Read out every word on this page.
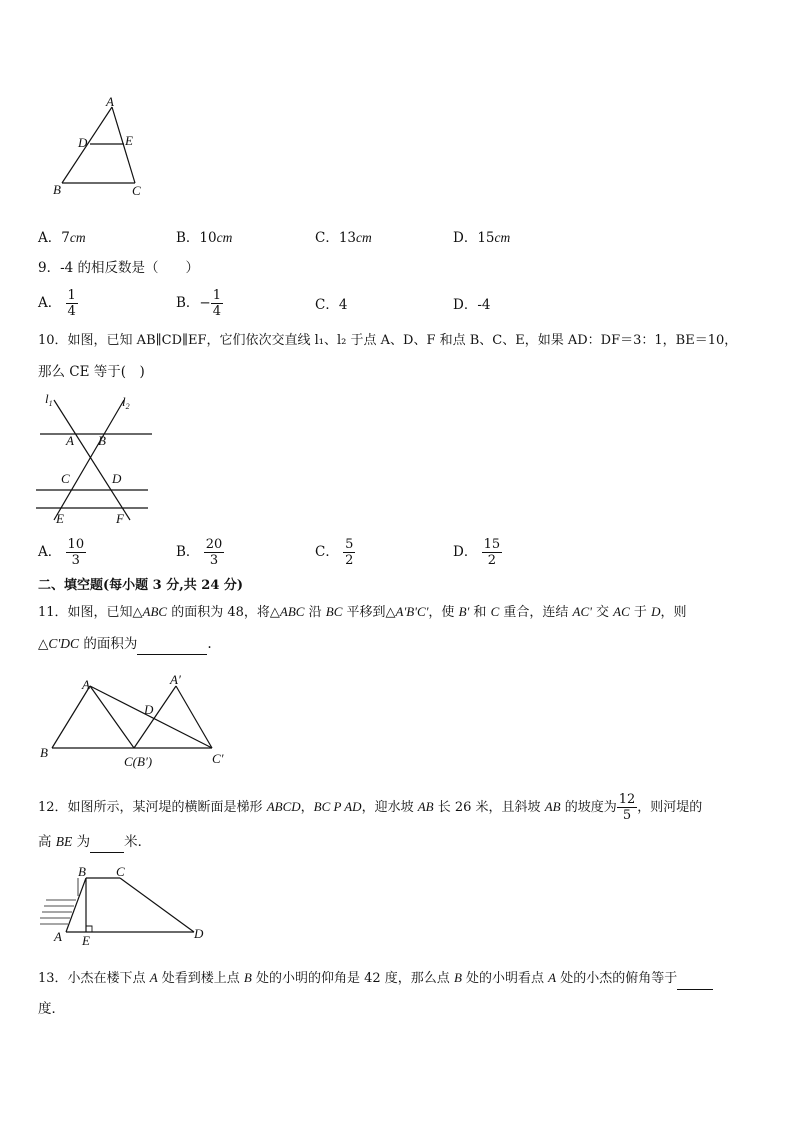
A
D	E
B	C
A．7cm	B．10cm	C．13cm	D．15cm
9．-4 的相反数是（　　）
A． $\frac{1}{4}$	B．− $\frac{1}{4}$	C．4	D．-4
10．如图，已知 AB∥CD∥EF，它们依次交直线 l₁、l₂ 于点 A、D、F 和点 B、C、E，如果 AD：DF＝3：1，BE＝10，
那么 CE 等于(　)
$l_1$	$l_2$
A B
C	D
E	F
A． $\frac{10}{3}$	B． $\frac{20}{3}$	C． $\frac{5}{2}$	D． $\frac{15}{2}$
二、填空题(每小题 3 分,共 24 分)
11．如图，已知△ABC 的面积为 48，将△ABC 沿 BC 平移到△A'B'C'，使 B' 和 C 重合，连结 AC' 交 AC 于 D，则
△C'DC 的面积为	.
A	A′
D
B
C(B′)	C′
12．如图所示，某河堤的横断面是梯形 ABCD，BC P AD，迎水坡 AB 长 26 米，且斜坡 AB 的坡度为 $\frac{12}{5}$ ，则河堤的
高 BE 为	米．
B C
A E	D
13．小杰在楼下点 A 处看到楼上点 B 处的小明的仰角是 42 度，那么点 B 处的小明看点 A 处的小杰的俯角等于
度．
